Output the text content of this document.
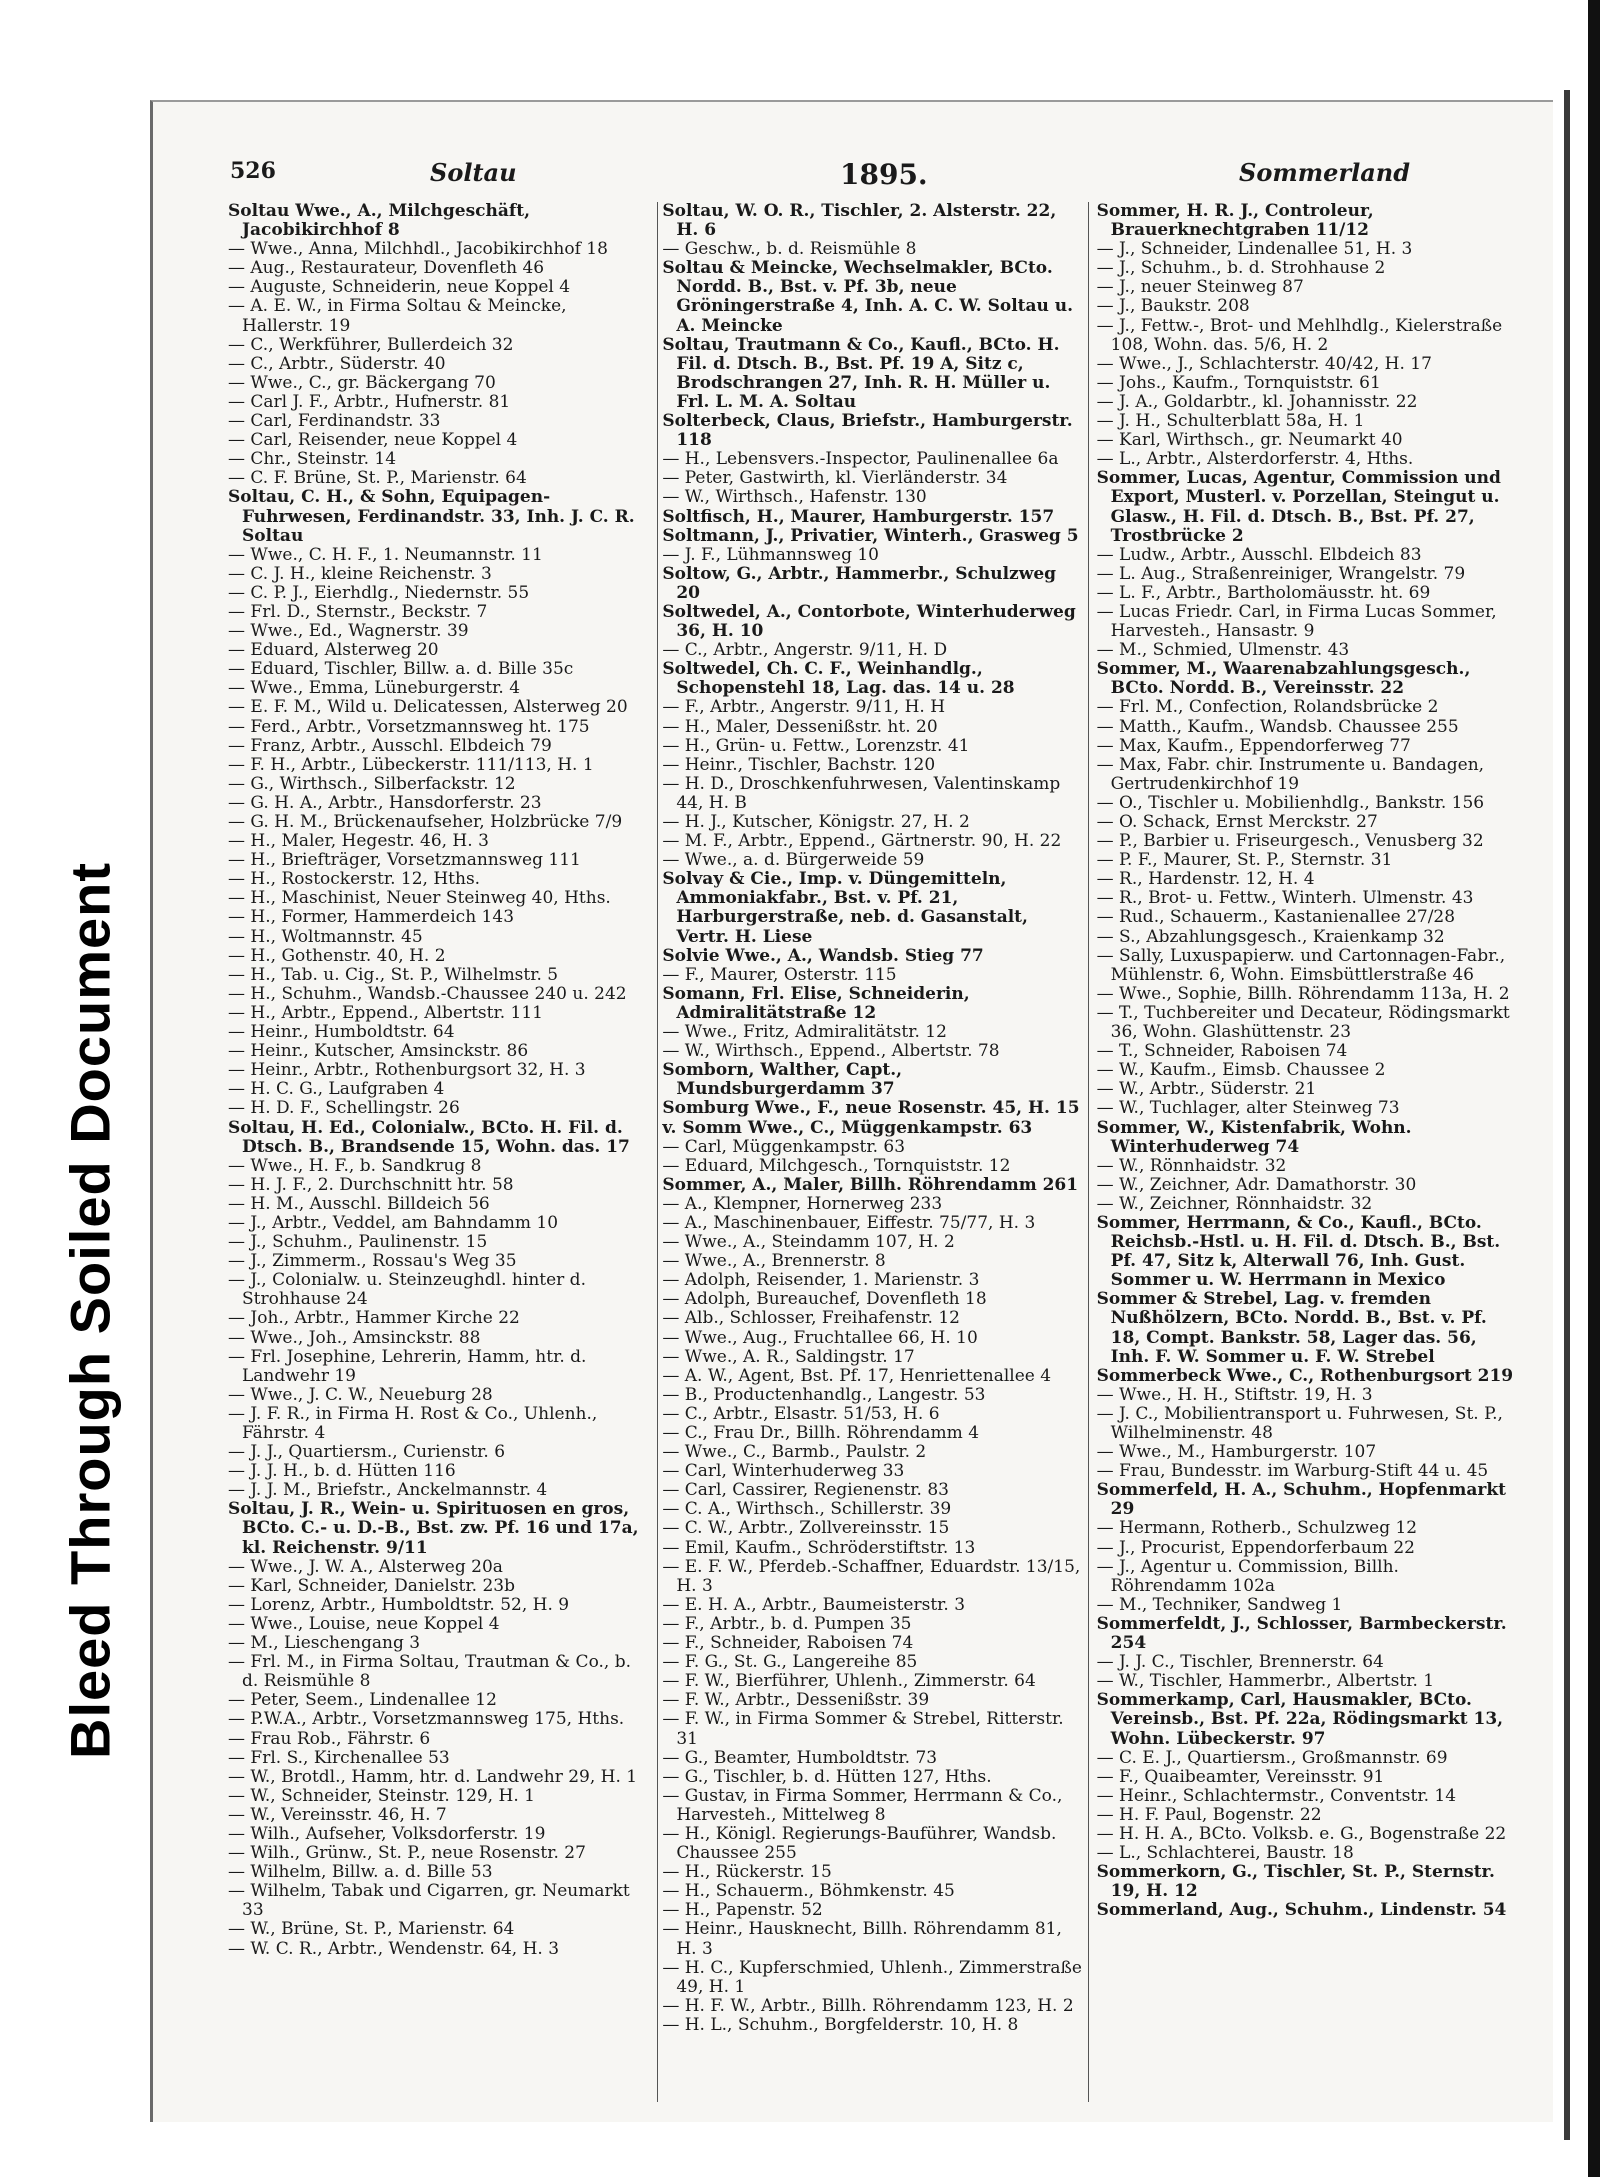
Bleed Through Soiled Document
526	Soltau	1895.	Sommerland
Soltau Wwe., A., Milchgeschäft, Jacobikirchhof 8
— Wwe., Anna, Milchhdl., Jacobikirchhof 18
— Aug., Restaurateur, Dovenfleth 46
— Auguste, Schneiderin, neue Koppel 4
— A. E. W., in Firma Soltau & Meincke, Hallerstr. 19
— C., Werkführer, Bullerdeich 32
— C., Arbtr., Süderstr. 40
— Wwe., C., gr. Bäckergang 70
— Carl J. F., Arbtr., Hufnerstr. 81
— Carl, Ferdinandstr. 33
— Carl, Reisender, neue Koppel 4
— Chr., Steinstr. 14
— C. F. Brüne, St. P., Marienstr. 64
Soltau, C. H., & Sohn, Equipagen-Fuhrwesen, Ferdinandstr. 33, Inh. J. C. R. Soltau
— Wwe., C. H. F., 1. Neumannstr. 11
— C. J. H., kleine Reichenstr. 3
— C. P. J., Eierhdlg., Niedernstr. 55
— Frl. D., Sternstr., Beckstr. 7
— Wwe., Ed., Wagnerstr. 39
— Eduard, Alsterweg 20
— Eduard, Tischler, Billw. a. d. Bille 35c
— Wwe., Emma, Lüneburgerstr. 4
— E. F. M., Wild u. Delicatessen, Alsterweg 20
— Ferd., Arbtr., Vorsetzmannsweg ht. 175
— Franz, Arbtr., Ausschl. Elbdeich 79
— F. H., Arbtr., Lübeckerstr. 111/113, H. 1
— G., Wirthsch., Silberfackstr. 12
— G. H. A., Arbtr., Hansdorferstr. 23
— G. H. M., Brückenaufseher, Holzbrücke 7/9
— H., Maler, Hegestr. 46, H. 3
— H., Briefträger, Vorsetzmannsweg 111
— H., Rostockerstr. 12, Hths.
— H., Maschinist, Neuer Steinweg 40, Hths.
— H., Former, Hammerdeich 143
— H., Woltmannstr. 45
— H., Gothenstr. 40, H. 2
— H., Tab. u. Cig., St. P., Wilhelmstr. 5
— H., Schuhm., Wandsb.-Chaussee 240 u. 242
— H., Arbtr., Eppend., Albertstr. 111
— Heinr., Humboldtstr. 64
— Heinr., Kutscher, Amsinckstr. 86
— Heinr., Arbtr., Rothenburgsort 32, H. 3
— H. C. G., Laufgraben 4
— H. D. F., Schellingstr. 26
Soltau, H. Ed., Colonialw., BCto. H. Fil. d. Dtsch. B., Brandsende 15, Wohn. das. 17
— Wwe., H. F., b. Sandkrug 8
— H. J. F., 2. Durchschnitt htr. 58
— H. M., Ausschl. Billdeich 56
— J., Arbtr., Veddel, am Bahndamm 10
— J., Schuhm., Paulinenstr. 15
— J., Zimmerm., Rossau's Weg 35
— J., Colonialw. u. Steinzeughdl. hinter d. Strohhause 24
— Joh., Arbtr., Hammer Kirche 22
— Wwe., Joh., Amsinckstr. 88
— Frl. Josephine, Lehrerin, Hamm, htr. d. Landwehr 19
— Wwe., J. C. W., Neueburg 28
— J. F. R., in Firma H. Rost & Co., Uhlenh., Fährstr. 4
— J. J., Quartiersm., Curienstr. 6
— J. J. H., b. d. Hütten 116
— J. J. M., Briefstr., Anckelmannstr. 4
Soltau, J. R., Wein- u. Spirituosen en gros, BCto. C.- u. D.-B., Bst. zw. Pf. 16 und 17a, kl. Reichenstr. 9/11
— Wwe., J. W. A., Alsterweg 20a
— Karl, Schneider, Danielstr. 23b
— Lorenz, Arbtr., Humboldtstr. 52, H. 9
— Wwe., Louise, neue Koppel 4
— M., Lieschengang 3
— Frl. M., in Firma Soltau, Trautman & Co., b. d. Reismühle 8
— Peter, Seem., Lindenallee 12
— P.W.A., Arbtr., Vorsetzmannsweg 175, Hths.
— Frau Rob., Fährstr. 6
— Frl. S., Kirchenallee 53
— W., Brotdl., Hamm, htr. d. Landwehr 29, H. 1
— W., Schneider, Steinstr. 129, H. 1
— W., Vereinsstr. 46, H. 7
— Wilh., Aufseher, Volksdorferstr. 19
— Wilh., Grünw., St. P., neue Rosenstr. 27
— Wilhelm, Billw. a. d. Bille 53
— Wilhelm, Tabak und Cigarren, gr. Neumarkt 33
— W., Brüne, St. P., Marienstr. 64
— W. C. R., Arbtr., Wendenstr. 64, H. 3
Soltau, W. O. R., Tischler, 2. Alsterstr. 22, H. 6
— Geschw., b. d. Reismühle 8
Soltau & Meincke, Wechselmakler, BCto. Nordd. B., Bst. v. Pf. 3b, neue Gröningerstraße 4, Inh. A. C. W. Soltau u. A. Meincke
Soltau, Trautmann & Co., Kaufl., BCto. H. Fil. d. Dtsch. B., Bst. Pf. 19 A, Sitz c, Brodschrangen 27, Inh. R. H. Müller u. Frl. L. M. A. Soltau
Solterbeck, Claus, Briefstr., Hamburgerstr. 118
— H., Lebensvers.-Inspector, Paulinenallee 6a
— Peter, Gastwirth, kl. Vierländerstr. 34
— W., Wirthsch., Hafenstr. 130
Soltfisch, H., Maurer, Hamburgerstr. 157
Soltmann, J., Privatier, Winterh., Grasweg 5
— J. F., Lühmannsweg 10
Soltow, G., Arbtr., Hammerbr., Schulzweg 20
Soltwedel, A., Contorbote, Winterhuderweg 36, H. 10
— C., Arbtr., Angerstr. 9/11, H. D
Soltwedel, Ch. C. F., Weinhandlg., Schopenstehl 18, Lag. das. 14 u. 28
— F., Arbtr., Angerstr. 9/11, H. H
— H., Maler, Dessenißstr. ht. 20
— H., Grün- u. Fettw., Lorenzstr. 41
— Heinr., Tischler, Bachstr. 120
— H. D., Droschkenfuhrwesen, Valentinskamp 44, H. B
— H. J., Kutscher, Königstr. 27, H. 2
— M. F., Arbtr., Eppend., Gärtnerstr. 90, H. 22
— Wwe., a. d. Bürgerweide 59
Solvay & Cie., Imp. v. Düngemitteln, Ammoniakfabr., Bst. v. Pf. 21, Harburgerstraße, neb. d. Gasanstalt, Vertr. H. Liese
Solvie Wwe., A., Wandsb. Stieg 77
— F., Maurer, Osterstr. 115
Somann, Frl. Elise, Schneiderin, Admiralitätstraße 12
— Wwe., Fritz, Admiralitätstr. 12
— W., Wirthsch., Eppend., Albertstr. 78
Somborn, Walther, Capt., Mundsburgerdamm 37
Somburg Wwe., F., neue Rosenstr. 45, H. 15
v. Somm Wwe., C., Müggenkampstr. 63
— Carl, Müggenkampstr. 63
— Eduard, Milchgesch., Tornquiststr. 12
Sommer, A., Maler, Billh. Röhrendamm 261
— A., Klempner, Hornerweg 233
— A., Maschinenbauer, Eiffestr. 75/77, H. 3
— Wwe., A., Steindamm 107, H. 2
— Wwe., A., Brennerstr. 8
— Adolph, Reisender, 1. Marienstr. 3
— Adolph, Bureauchef, Dovenfleth 18
— Alb., Schlosser, Freihafenstr. 12
— Wwe., Aug., Fruchtallee 66, H. 10
— Wwe., A. R., Saldingstr. 17
— A. W., Agent, Bst. Pf. 17, Henriettenallee 4
— B., Productenhandlg., Langestr. 53
— C., Arbtr., Elsastr. 51/53, H. 6
— C., Frau Dr., Billh. Röhrendamm 4
— Wwe., C., Barmb., Paulstr. 2
— Carl, Winterhuderweg 33
— Carl, Cassirer, Regienenstr. 83
— C. A., Wirthsch., Schillerstr. 39
— C. W., Arbtr., Zollvereinsstr. 15
— Emil, Kaufm., Schröderstiftstr. 13
— E. F. W., Pferdeb.-Schaffner, Eduardstr. 13/15, H. 3
— E. H. A., Arbtr., Baumeisterstr. 3
— F., Arbtr., b. d. Pumpen 35
— F., Schneider, Raboisen 74
— F. G., St. G., Langereihe 85
— F. W., Bierführer, Uhlenh., Zimmerstr. 64
— F. W., Arbtr., Dessenißstr. 39
— F. W., in Firma Sommer & Strebel, Ritterstr. 31
— G., Beamter, Humboldtstr. 73
— G., Tischler, b. d. Hütten 127, Hths.
— Gustav, in Firma Sommer, Herrmann & Co., Harvesteh., Mittelweg 8
— H., Königl. Regierungs-Bauführer, Wandsb. Chaussee 255
— H., Rückerstr. 15
— H., Schauerm., Böhmkenstr. 45
— H., Papenstr. 52
— Heinr., Hausknecht, Billh. Röhrendamm 81, H. 3
— H. C., Kupferschmied, Uhlenh., Zimmerstraße 49, H. 1
— H. F. W., Arbtr., Billh. Röhrendamm 123, H. 2
— H. L., Schuhm., Borgfelderstr. 10, H. 8
Sommer, H. R. J., Controleur, Brauerknechtgraben 11/12
— J., Schneider, Lindenallee 51, H. 3
— J., Schuhm., b. d. Strohhause 2
— J., neuer Steinweg 87
— J., Baukstr. 208
— J., Fettw.-, Brot- und Mehlhdlg., Kielerstraße 108, Wohn. das. 5/6, H. 2
— Wwe., J., Schlachterstr. 40/42, H. 17
— Johs., Kaufm., Tornquiststr. 61
— J. A., Goldarbtr., kl. Johannisstr. 22
— J. H., Schulterblatt 58a, H. 1
— Karl, Wirthsch., gr. Neumarkt 40
— L., Arbtr., Alsterdorferstr. 4, Hths.
Sommer, Lucas, Agentur, Commission und Export, Musterl. v. Porzellan, Steingut u. Glasw., H. Fil. d. Dtsch. B., Bst. Pf. 27, Trostbrücke 2
— Ludw., Arbtr., Ausschl. Elbdeich 83
— L. Aug., Straßenreiniger, Wrangelstr. 79
— L. F., Arbtr., Bartholomäusstr. ht. 69
— Lucas Friedr. Carl, in Firma Lucas Sommer, Harvesteh., Hansastr. 9
— M., Schmied, Ulmenstr. 43
Sommer, M., Waarenabzahlungsgesch., BCto. Nordd. B., Vereinsstr. 22
— Frl. M., Confection, Rolandsbrücke 2
— Matth., Kaufm., Wandsb. Chaussee 255
— Max, Kaufm., Eppendorferweg 77
— Max, Fabr. chir. Instrumente u. Bandagen, Gertrudenkirchhof 19
— O., Tischler u. Mobilienhdlg., Bankstr. 156
— O. Schack, Ernst Merckstr. 27
— P., Barbier u. Friseurgesch., Venusberg 32
— P. F., Maurer, St. P., Sternstr. 31
— R., Hardenstr. 12, H. 4
— R., Brot- u. Fettw., Winterh. Ulmenstr. 43
— Rud., Schauerm., Kastanienallee 27/28
— S., Abzahlungsgesch., Kraienkamp 32
— Sally, Luxuspapierw. und Cartonnagen-Fabr., Mühlenstr. 6, Wohn. Eimsbüttlerstraße 46
— Wwe., Sophie, Billh. Röhrendamm 113a, H. 2
— T., Tuchbereiter und Decateur, Rödingsmarkt 36, Wohn. Glashüttenstr. 23
— T., Schneider, Raboisen 74
— W., Kaufm., Eimsb. Chaussee 2
— W., Arbtr., Süderstr. 21
— W., Tuchlager, alter Steinweg 73
Sommer, W., Kistenfabrik, Wohn. Winterhuderweg 74
— W., Rönnhaidstr. 32
— W., Zeichner, Adr. Damathorstr. 30
— W., Zeichner, Rönnhaidstr. 32
Sommer, Herrmann, & Co., Kaufl., BCto. Reichsb.-Hstl. u. H. Fil. d. Dtsch. B., Bst. Pf. 47, Sitz k, Alterwall 76, Inh. Gust. Sommer u. W. Herrmann in Mexico
Sommer & Strebel, Lag. v. fremden Nußhölzern, BCto. Nordd. B., Bst. v. Pf. 18, Compt. Bankstr. 58, Lager das. 56, Inh. F. W. Sommer u. F. W. Strebel
Sommerbeck Wwe., C., Rothenburgsort 219
— Wwe., H. H., Stiftstr. 19, H. 3
— J. C., Mobilientransport u. Fuhrwesen, St. P., Wilhelminenstr. 48
— Wwe., M., Hamburgerstr. 107
— Frau, Bundesstr. im Warburg-Stift 44 u. 45
Sommerfeld, H. A., Schuhm., Hopfenmarkt 29
— Hermann, Rotherb., Schulzweg 12
— J., Procurist, Eppendorferbaum 22
— J., Agentur u. Commission, Billh. Röhrendamm 102a
— M., Techniker, Sandweg 1
Sommerfeldt, J., Schlosser, Barmbeckerstr. 254
— J. J. C., Tischler, Brennerstr. 64
— W., Tischler, Hammerbr., Albertstr. 1
Sommerkamp, Carl, Hausmakler, BCto. Vereinsb., Bst. Pf. 22a, Rödingsmarkt 13, Wohn. Lübeckerstr. 97
— C. E. J., Quartiersm., Großmannstr. 69
— F., Quaibeamter, Vereinsstr. 91
— Heinr., Schlachtermstr., Conventstr. 14
— H. F. Paul, Bogenstr. 22
— H. H. A., BCto. Volksb. e. G., Bogenstraße 22
— L., Schlachterei, Baustr. 18
Sommerkorn, G., Tischler, St. P., Sternstr. 19, H. 12
Sommerland, Aug., Schuhm., Lindenstr. 54
